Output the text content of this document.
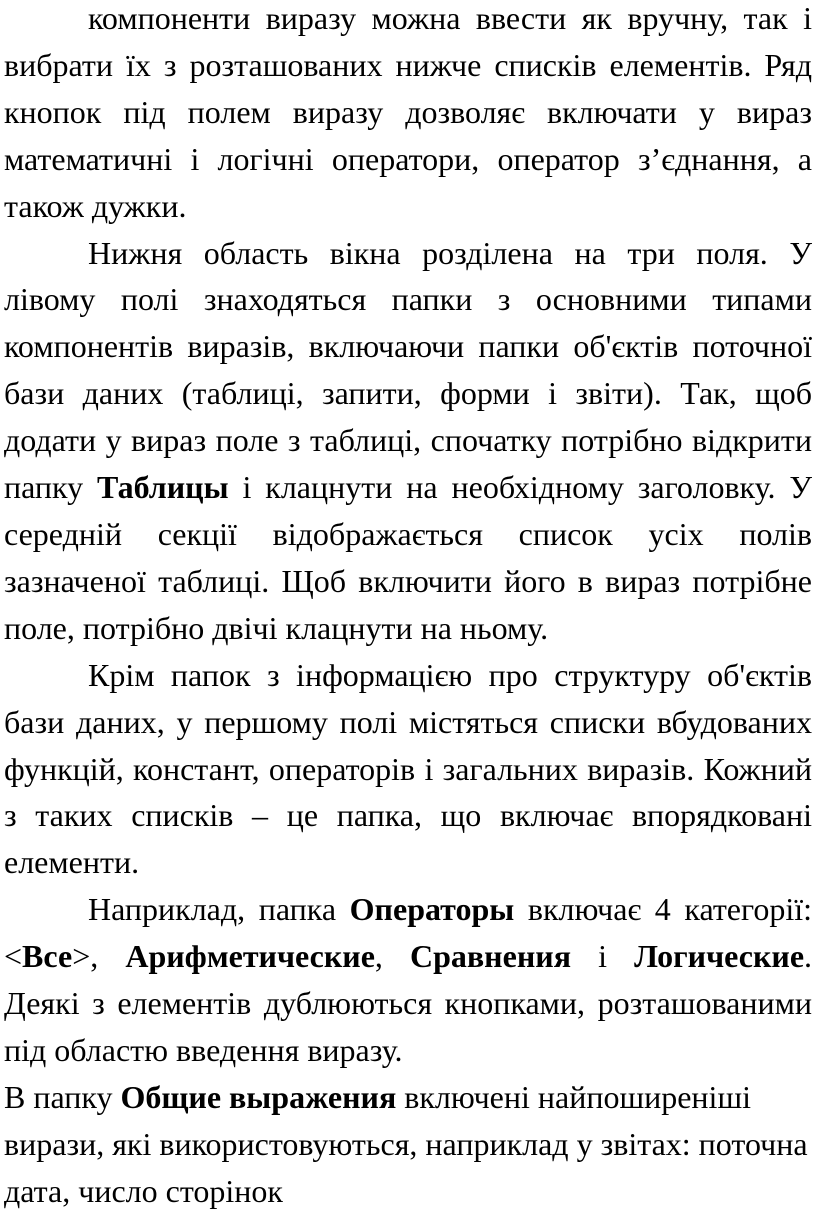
компоненти виразу можна ввести як вручну, так і вибрати їх з розташованих нижче списків елементів. Ряд кнопок під полем виразу дозволяє включати у вираз математичні і логічні оператори, оператор з’єднання, а також дужки.

Нижня область вікна розділена на три поля. У лівому полі знаходяться папки з основними типами компонентів виразів, включаючи папки об'єктів поточної бази даних (таблиці, запити, форми і звіти). Так, щоб додати у вираз поле з таблиці, спочатку потрібно відкрити папку Таблицы і клацнути на необхідному заголовку. У середній секції відображається список усіх полів зазначеної таблиці. Щоб включити його в вираз потрібне поле, потрібно двічі клацнути на ньому.

Крім папок з інформацією про структуру об'єктів бази даних, у першому полі містяться списки вбудованих функцій, констант, операторів і загальних виразів. Кожний з таких списків – це папка, що включає впорядковані елементи.

Наприклад, папка Операторы включає 4 категорії: <Все>, Арифметические, Сравнения і Логические. Деякі з елементів дублюються кнопками, розташованими під областю введення виразу.

В папку Общие выражения включені найпоширеніші вирази, які використовуються, наприклад у звітах: поточна дата, число сторінок
